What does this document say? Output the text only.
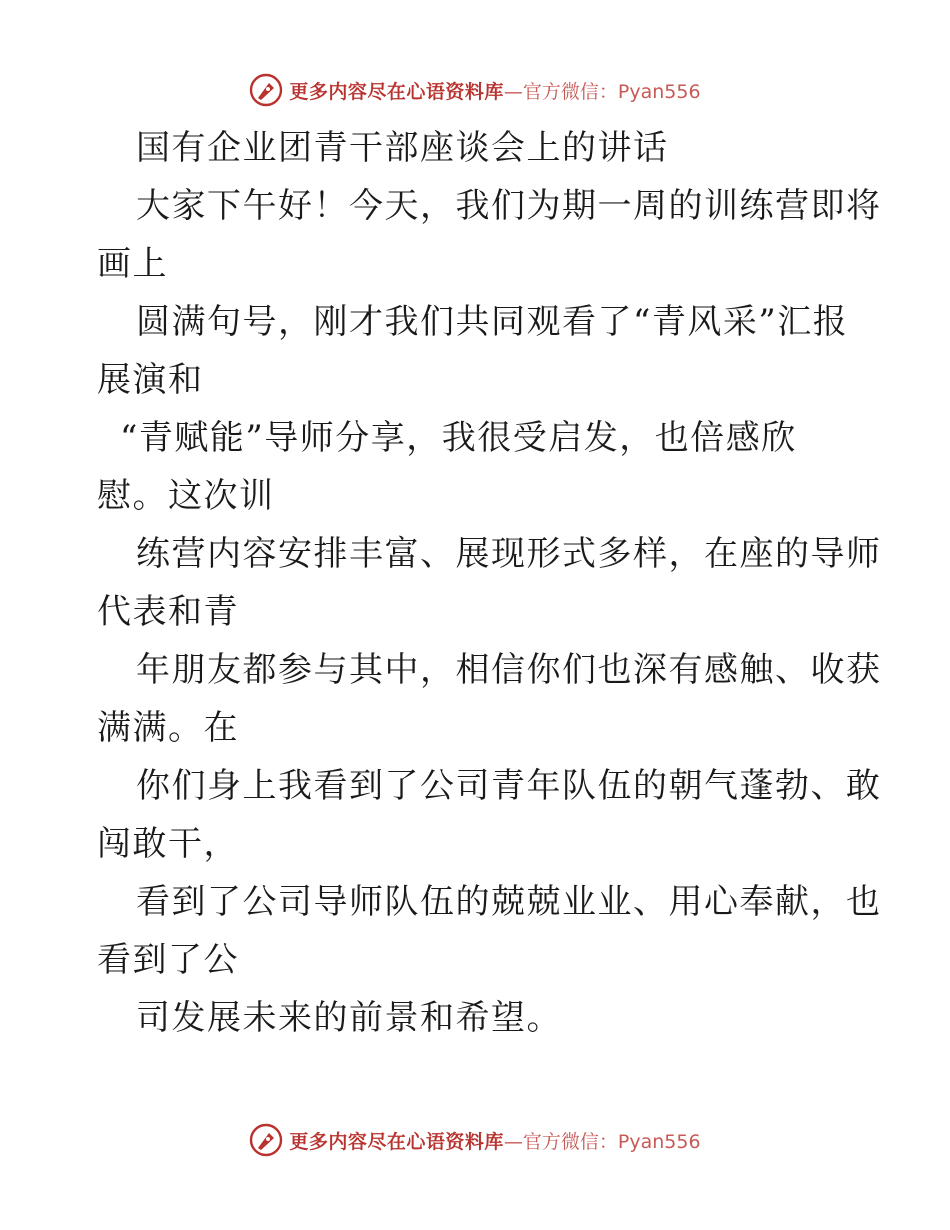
更多内容尽在心语资料库 —官方微信：Pyan556
国有企业团青干部座谈会上的讲话
大家下午好！今天，我们为期一周的训练营即将
画上
圆满句号，刚才我们共同观看了“青风采”汇报
展演和
“青赋能”导师分享，我很受启发，也倍感欣
慰。这次训
练营内容安排丰富、展现形式多样，在座的导师
代表和青
年朋友都参与其中，相信你们也深有感触、收获
满满。在
你们身上我看到了公司青年队伍的朝气蓬勃、敢
闯敢干，
看到了公司导师队伍的兢兢业业、用心奉献，也
看到了公
司发展未来的前景和希望。
更多内容尽在心语资料库 —官方微信：Pyan556
